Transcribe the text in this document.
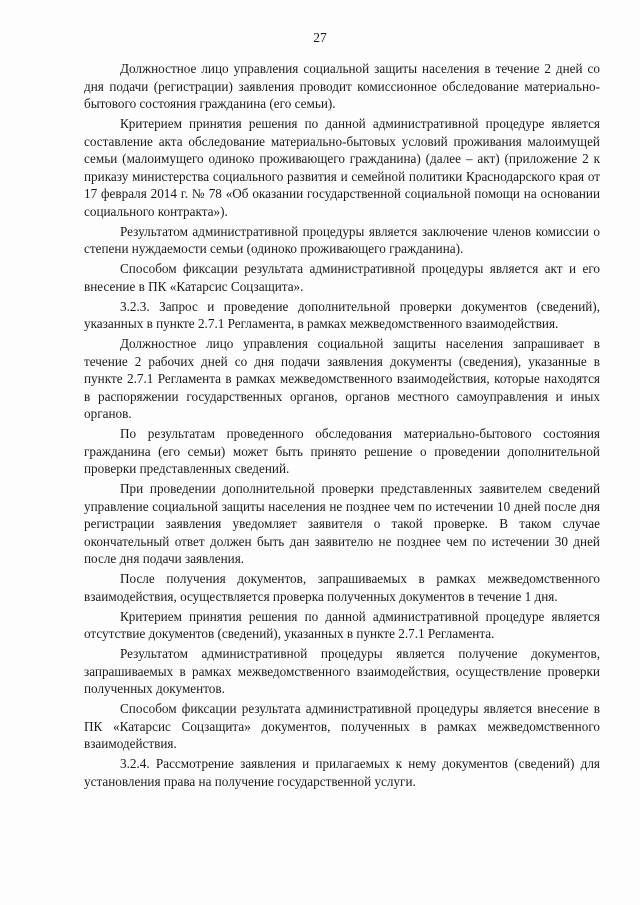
27

Должностное лицо управления социальной защиты населения в течение 2 дней со дня подачи (регистрации) заявления проводит комиссионное обследование материально-бытового состояния гражданина (его семьи).

Критерием принятия решения по данной административной процедуре является составление акта обследование материально-бытовых условий проживания малоимущей семьи (малоимущего одиноко проживающего гражданина) (далее – акт) (приложение 2 к приказу министерства социального развития и семейной политики Краснодарского края от 17 февраля 2014 г. № 78 «Об оказании государственной социальной помощи на основании социального контракта»).

Результатом административной процедуры является заключение членов комиссии о степени нуждаемости семьи (одиноко проживающего гражданина).

Способом фиксации результата административной процедуры является акт и его внесение в ПК «Катарсис Соцзащита».

3.2.3. Запрос и проведение дополнительной проверки документов (сведений), указанных в пункте 2.7.1 Регламента, в рамках межведомственного взаимодействия.

Должностное лицо управления социальной защиты населения запрашивает в течение 2 рабочих дней со дня подачи заявления документы (сведения), указанные в пункте 2.7.1 Регламента в рамках межведомственного взаимодействия, которые находятся в распоряжении государственных органов, органов местного самоуправления и иных органов.

По результатам проведенного обследования материально-бытового состояния гражданина (его семьи) может быть принято решение о проведении дополнительной проверки представленных сведений.

При проведении дополнительной проверки представленных заявителем сведений управление социальной защиты населения не позднее чем по истечении 10 дней после дня регистрации заявления уведомляет заявителя о такой проверке. В таком случае окончательный ответ должен быть дан заявителю не позднее чем по истечении 30 дней после дня подачи заявления.

После получения документов, запрашиваемых в рамках межведомственного взаимодействия, осуществляется проверка полученных документов в течение 1 дня.

Критерием принятия решения по данной административной процедуре является отсутствие документов (сведений), указанных в пункте 2.7.1 Регламента.

Результатом административной процедуры является получение документов, запрашиваемых в рамках межведомственного взаимодействия, осуществление проверки полученных документов.

Способом фиксации результата административной процедуры является внесение в ПК «Катарсис Соцзащита» документов, полученных в рамках межведомственного взаимодействия.

3.2.4. Рассмотрение заявления и прилагаемых к нему документов (сведений) для установления права на получение государственной услуги.
